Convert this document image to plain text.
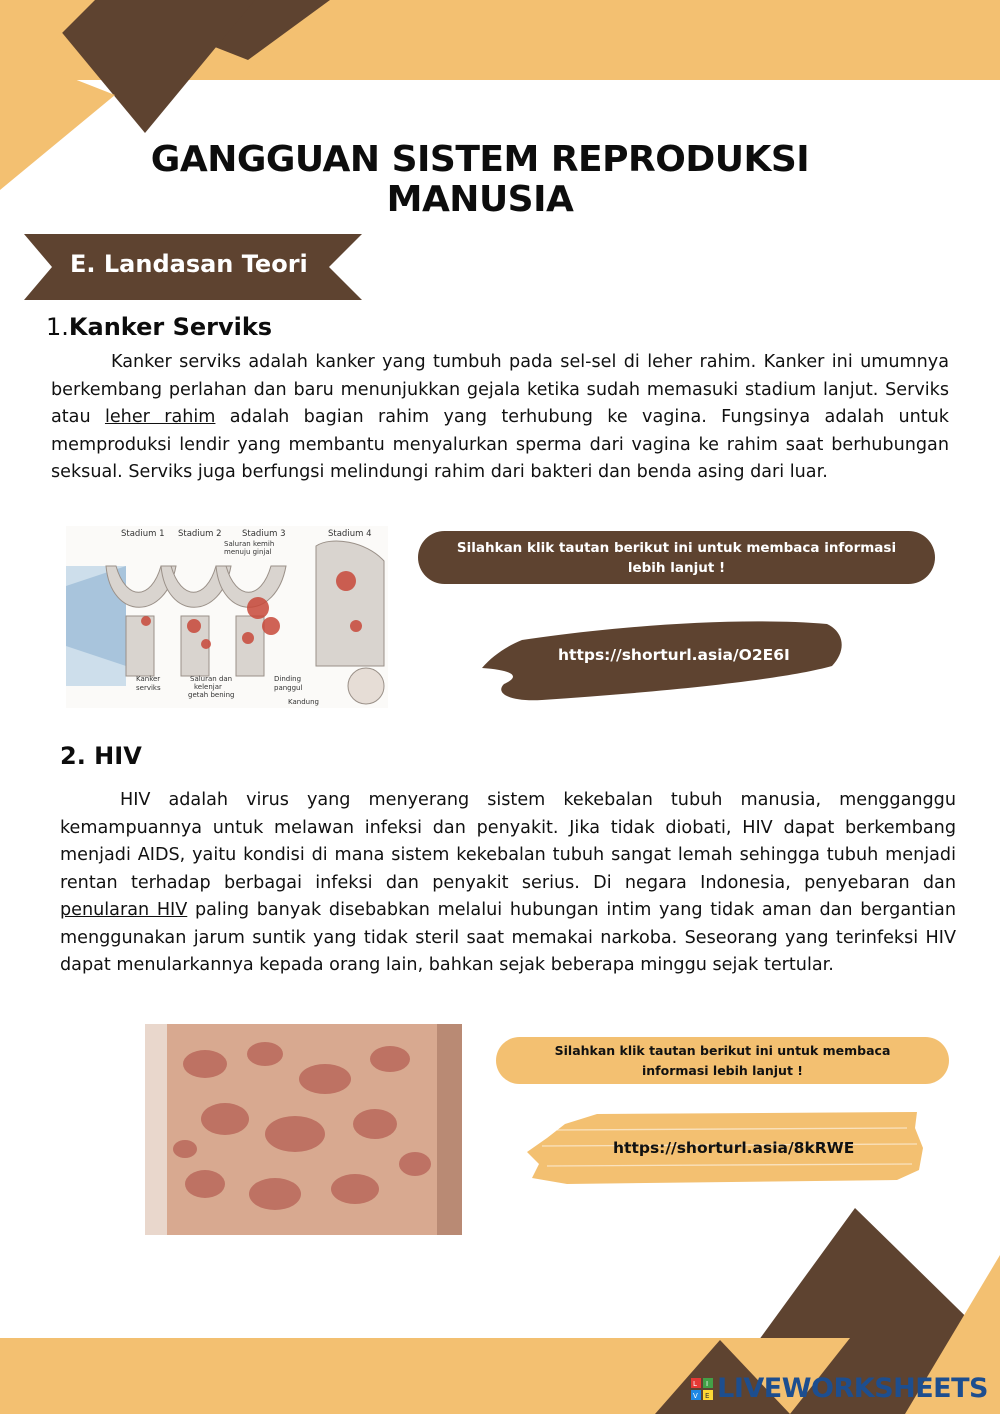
GANGGUAN SISTEM REPRODUKSI MANUSIA
E. Landasan Teori
1.Kanker Serviks

Kanker serviks adalah kanker yang tumbuh pada sel-sel di leher rahim. Kanker ini umumnya berkembang perlahan dan baru menunjukkan gejala ketika sudah memasuki stadium lanjut. Serviks atau leher rahim adalah bagian rahim yang terhubung ke vagina. Fungsinya adalah untuk memproduksi lendir yang membantu menyalurkan sperma dari vagina ke rahim saat berhubungan seksual. Serviks juga berfungsi melindungi rahim dari bakteri dan benda asing dari luar.

Stadium 1 Stadium 2 Stadium 3	Stadium 4
Saluran kemih
menuju ginjal
Kanker
serviks
Saluran dan
kelenjar
getah bening
Dinding
panggul
Kandung
Silahkan klik tautan berikut ini untuk membaca informasi lebih lanjut !
https://shorturl.asia/O2E6I
2. HIV

HIV adalah virus yang menyerang sistem kekebalan tubuh manusia, mengganggu kemampuannya untuk melawan infeksi dan penyakit. Jika tidak diobati, HIV dapat berkembang menjadi AIDS, yaitu kondisi di mana sistem kekebalan tubuh sangat lemah sehingga tubuh menjadi rentan terhadap berbagai infeksi dan penyakit serius. Di negara Indonesia, penyebaran dan penularan HIV paling banyak disebabkan melalui hubungan intim yang tidak aman dan bergantian menggunakan jarum suntik yang tidak steril saat memakai narkoba. Seseorang yang terinfeksi HIV dapat menularkannya kepada orang lain, bahkan sejak beberapa minggu sejak tertular.

Silahkan klik tautan berikut ini untuk membaca informasi lebih lanjut !
https://shorturl.asia/8kRWE
L I
V E LIVEWORKSHEETS
